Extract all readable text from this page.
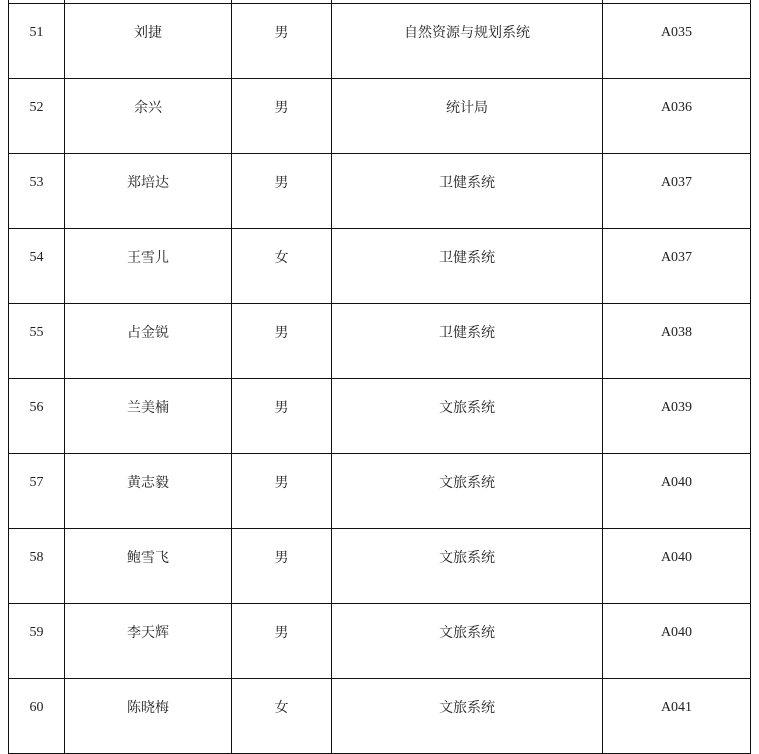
51	刘捷	男	自然资源与规划系统	A035

52	余兴	男	统计局	A036

53	郑培达	男	卫健系统	A037

54	王雪儿	女	卫健系统	A037

55	占金锐	男	卫健系统	A038

56	兰美楠	男	文旅系统	A039

57	黄志毅	男	文旅系统	A040

58	鲍雪飞	男	文旅系统	A040

59	李天辉	男	文旅系统	A040

60	陈晓梅	女	文旅系统	A041
